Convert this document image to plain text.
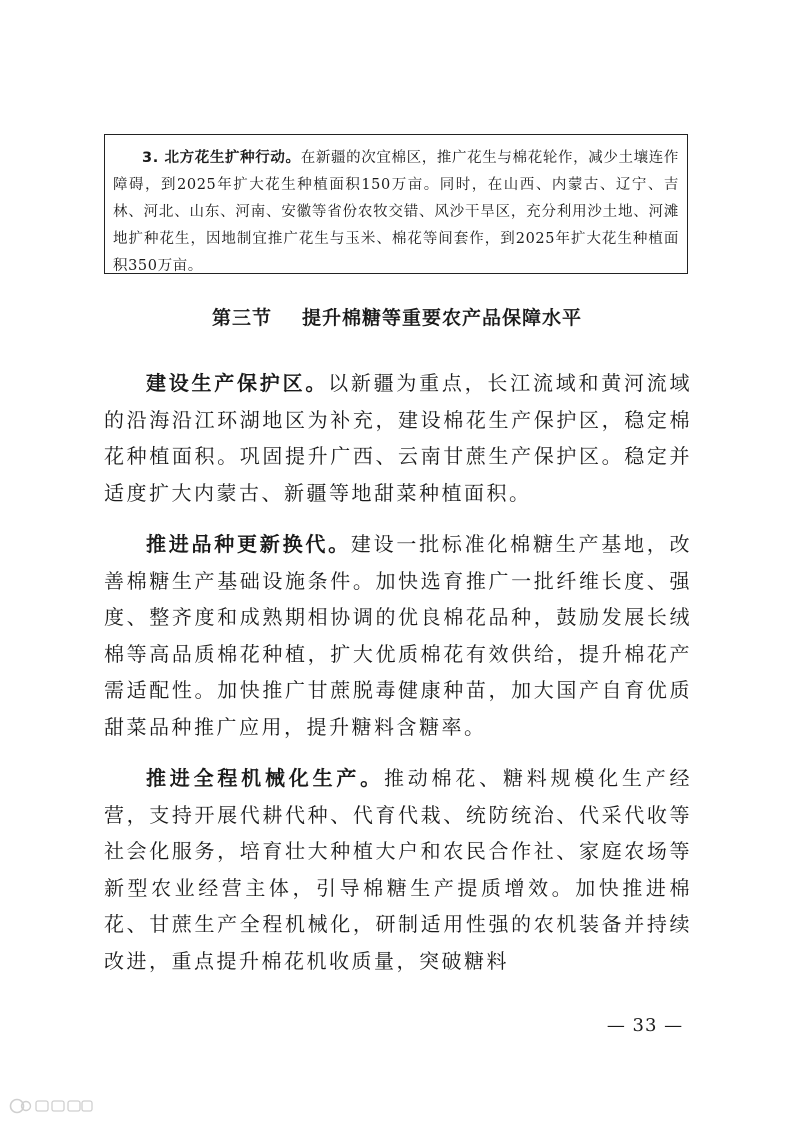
3. 北方花生扩种行动。在新疆的次宜棉区，推广花生与棉花轮作，减少土壤连作障碍，到2025年扩大花生种植面积150万亩。同时，在山西、内蒙古、辽宁、吉林、河北、山东、河南、安徽等省份农牧交错、风沙干旱区，充分利用沙土地、河滩地扩种花生，因地制宜推广花生与玉米、棉花等间套作，到2025年扩大花生种植面积350万亩。
第三节 提升棉糖等重要农产品保障水平

建设生产保护区。以新疆为重点，长江流域和黄河流域的沿海沿江环湖地区为补充，建设棉花生产保护区，稳定棉花种植面积。巩固提升广西、云南甘蔗生产保护区。稳定并适度扩大内蒙古、新疆等地甜菜种植面积。

推进品种更新换代。建设一批标准化棉糖生产基地，改善棉糖生产基础设施条件。加快选育推广一批纤维长度、强度、整齐度和成熟期相协调的优良棉花品种，鼓励发展长绒棉等高品质棉花种植，扩大优质棉花有效供给，提升棉花产需适配性。加快推广甘蔗脱毒健康种苗，加大国产自育优质甜菜品种推广应用，提升糖料含糖率。

推进全程机械化生产。推动棉花、糖料规模化生产经营，支持开展代耕代种、代育代栽、统防统治、代采代收等社会化服务，培育壮大种植大户和农民合作社、家庭农场等新型农业经营主体，引导棉糖生产提质增效。加快推进棉花、甘蔗生产全程机械化，研制适用性强的农机装备并持续改进，重点提升棉花机收质量，突破糖料

— 33 —
